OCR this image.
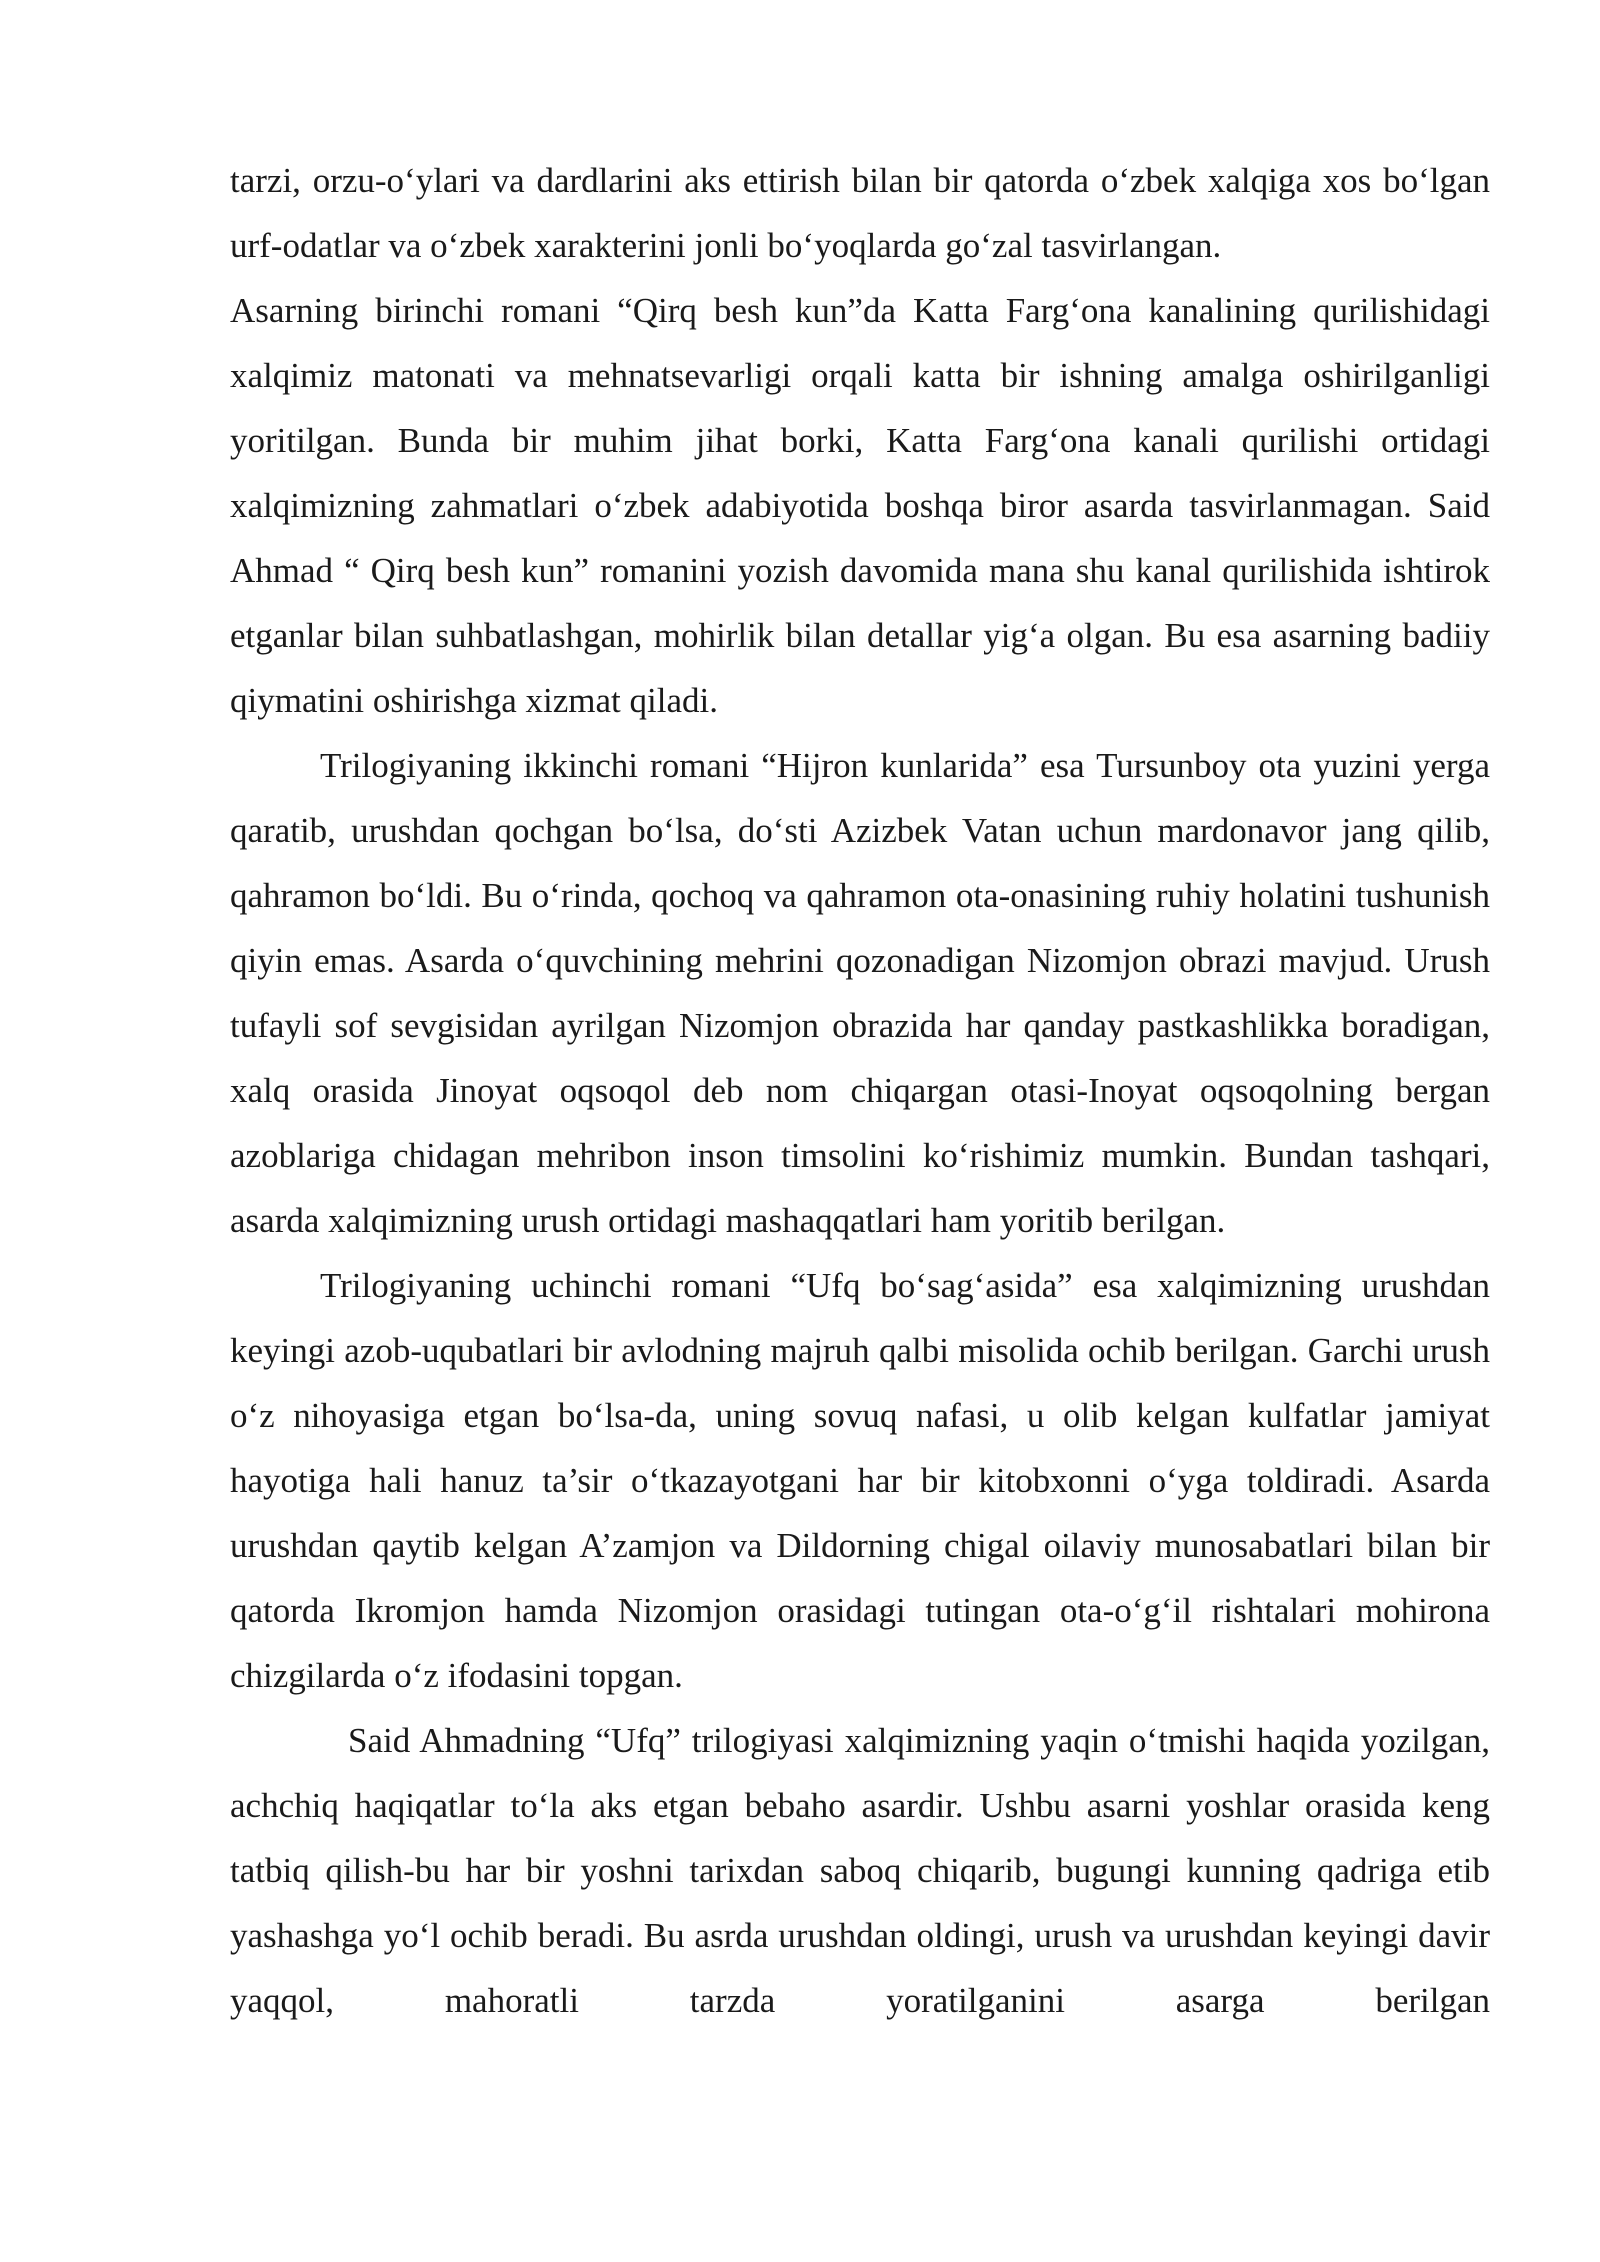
tarzi, orzu-o‘ylari va dardlarini aks ettirish bilan bir qatorda o‘zbek xalqiga xos bo‘lgan urf-odatlar va o‘zbek xarakterini jonli bo‘yoqlarda go‘zal tasvirlangan.

Asarning birinchi romani “Qirq besh kun”da Katta Farg‘ona kanalining qurilishidagi xalqimiz matonati va mehnatsevarligi orqali katta bir ishning amalga oshirilganligi yoritilgan. Bunda bir muhim jihat borki, Katta Farg‘ona kanali qurilishi ortidagi xalqimizning zahmatlari o‘zbek adabiyotida boshqa biror asarda tasvirlanmagan. Said Ahmad “ Qirq besh kun” romanini yozish davomida mana shu kanal qurilishida ishtirok etganlar bilan suhbatlashgan, mohirlik bilan detallar yig‘a olgan. Bu esa asarning badiiy qiymatini oshirishga xizmat qiladi.

Trilogiyaning ikkinchi romani “Hijron kunlarida” esa Tursunboy ota yuzini yerga qaratib, urushdan qochgan bo‘lsa, do‘sti Azizbek Vatan uchun mardonavor jang qilib, qahramon bo‘ldi. Bu o‘rinda, qochoq va qahramon ota-onasining ruhiy holatini tushunish qiyin emas. Asarda o‘quvchining mehrini qozonadigan Nizomjon obrazi mavjud. Urush tufayli sof sevgisidan ayrilgan Nizomjon obrazida har qanday pastkashlikka boradigan, xalq orasida Jinoyat oqsoqol deb nom chiqargan otasi-Inoyat oqsoqolning bergan azoblariga chidagan mehribon inson timsolini ko‘rishimiz mumkin. Bundan tashqari, asarda xalqimizning urush ortidagi mashaqqatlari ham yoritib berilgan.

Trilogiyaning uchinchi romani “Ufq bo‘sag‘asida” esa xalqimizning urushdan keyingi azob-uqubatlari bir avlodning majruh qalbi misolida ochib berilgan. Garchi urush o‘z nihoyasiga etgan bo‘lsa-da, uning sovuq nafasi, u olib kelgan kulfatlar jamiyat hayotiga hali hanuz ta’sir o‘tkazayotgani har bir kitobxonni o‘yga toldiradi. Asarda urushdan qaytib kelgan A’zamjon va Dildorning chigal oilaviy munosabatlari bilan bir qatorda Ikromjon hamda Nizomjon orasidagi tutingan ota-o‘g‘il rishtalari mohirona chizgilarda o‘z ifodasini topgan.

Said Ahmadning “Ufq” trilogiyasi xalqimizning yaqin o‘tmishi haqida yozilgan, achchiq haqiqatlar to‘la aks etgan bebaho asardir. Ushbu asarni yoshlar orasida keng tatbiq qilish-bu har bir yoshni tarixdan saboq chiqarib, bugungi kunning qadriga etib yashashga yo‘l ochib beradi. Bu asrda urushdan oldingi, urush va urushdan keyingi davir yaqqol, mahoratli tarzda yoratilganini asarga berilgan
